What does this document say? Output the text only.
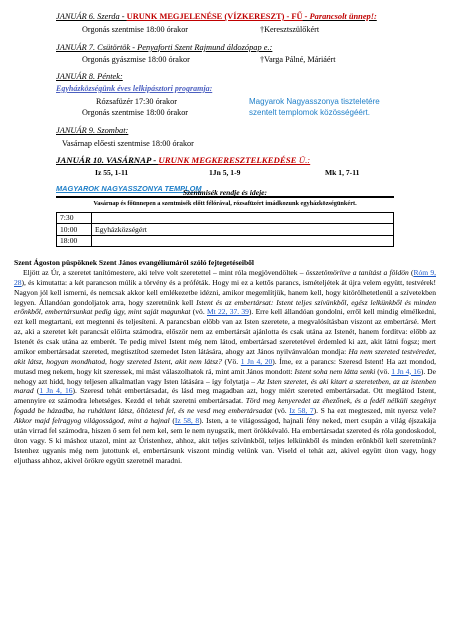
JANUÁR 6. Szerda - URUNK MEGJELENÉSE (VÍZKERESZT) - FŰ - Parancsolt ünnep!:
Orgonás szentmise 18:00 órakor	†Keresztszülőkért
JANUÁR 7. Csütörtök - Penyaforti Szent Rajmund áldozópap e.:
Orgonás gyászmise 18:00 órakor	†Varga Pálné, Máriáért
JANUÁR 8. Péntek:
Egyházközségünk éves lelkipásztori programja:
Rózsafüzér 17:30 órakor
Orgonás szentmise 18:00 órakor
Magyarok Nagyasszonya tiszteletére
szentelt templomok közösségéért.
JANUÁR 9. Szombat:
Vasárnap előesti szentmise 18:00 órakor
JANUÁR 10. VASÁRNAP - URUNK MEGKERESZTELKEDÉSE Ü.:
Iz 55, 1-11	1Jn 5, 1-9	Mk 1, 7-11
MAGYAROK NAGYASSZONYA TEMPLOM
Szentmisék rendje és ideje:
Vasárnap és főünnepen a szentmisék előtt félórával, rózsafüzért imádkozunk egyházközségünkért.
7:30	
10:00	Egyházközségért
18:00	

Szent Ágoston püspöknek Szent János evangéliumáról szóló fejtegetéseiből

Eljött az Úr, a szeretet tanítómestere, aki telve volt szeretettel – mint róla megjövendöltek – összetömörítve a tanítást a földön (Róm 9, 28), és kimutatta: a két parancson múlik a törvény és a próféták. Hogy mi ez a kettős parancs, ismételjétek át újra velem együtt, testvérek! Nagyon jól kell ismerni, és nemcsak akkor kell emlékezetbe idézni, amikor megemlítjük, hanem kell, hogy kitörölhetetlenül a szívetekben legyen. Állandóan gondoljatok arra, hogy szeretnünk kell Istent és az embertársat: Istent teljes szívünkből, egész lelkünkből és minden erőnkből, embertársunkat pedig úgy, mint saját magunkat (vö. Mt 22, 37. 39). Erre kell állandóan gondolni, erről kell mindig elmélkedni, ezt kell megtartani, ezt megtenni és teljesíteni. A parancsban előbb van az Isten szeretete, a megvalósításban viszont az embertársé. Mert az, aki a szeretet két parancsát előírta számodra, először nem az embertársát ajánlotta és csak utána az Istenét, hanem fordítva: előbb az Istenét és csak utána az emberét. Te pedig mivel Istent még nem látod, embertársad szeretetével érdemled ki azt, akit látni fogsz; mert amikor embertársadat szereted, megtisztítod szemedet Isten látására, ahogy azt János nyilvánvalóan mondja: Ha nem szereted testvéredet, akit látsz, hogyan mondhatod, hogy szereted Istent, akit nem látsz? (Vö. 1 Jn 4, 20). Íme, ez a parancs: Szeresd Istent! Ha azt mondod, mutasd meg nekem, hogy kit szeressek, mi mást válaszolhatok rá, mint amit János mondott: Istent soha nem látta senki (vö. 1 Jn 4, 16). De nehogy azt hidd, hogy teljesen alkalmatlan vagy Isten látására – így folytatja – Az Isten szeretet, és aki kitart a szeretetben, az az istenben marad (1 Jn 4, 16). Szeresd tehát embertársadat, és lásd meg magadban azt, hogy miért szereted embertársadat. Ott meglátod Istent, amennyire ez számodra lehetséges. Kezdd el tehát szeretni embertársadat. Törd meg kenyeredet az éhezőnek, és a fedél nélküli szegényt fogadd be házadba, ha ruhátlant látsz, öltöztesd fel, és ne vesd meg embertársadat (vö. Iz 58, 7). S ha ezt megteszed, mit nyersz vele? Akkor majd felragyog világosságod, mint a hajnal (Iz 58, 8). Isten, a te világosságod, hajnali fény neked, mert csupán a világ éjszakája után virrad fel számodra, hiszen ő sem fel nem kel, sem le nem nyugszik, mert örökkévaló. Ha embertársadat szereted és róla gondoskodol, úton vagy. S ki máshoz utazol, mint az Úristenhez, ahhoz, akit teljes szívünkből, teljes lelkünkből és minden erőnkből kell szeretnünk? Istenhez ugyanis még nem jutottunk el, embertársunk viszont mindig velünk van. Viseld el tehát azt, akivel együtt úton vagy, hogy eljuthass ahhoz, akivel örökre együtt szeretnél maradni.
